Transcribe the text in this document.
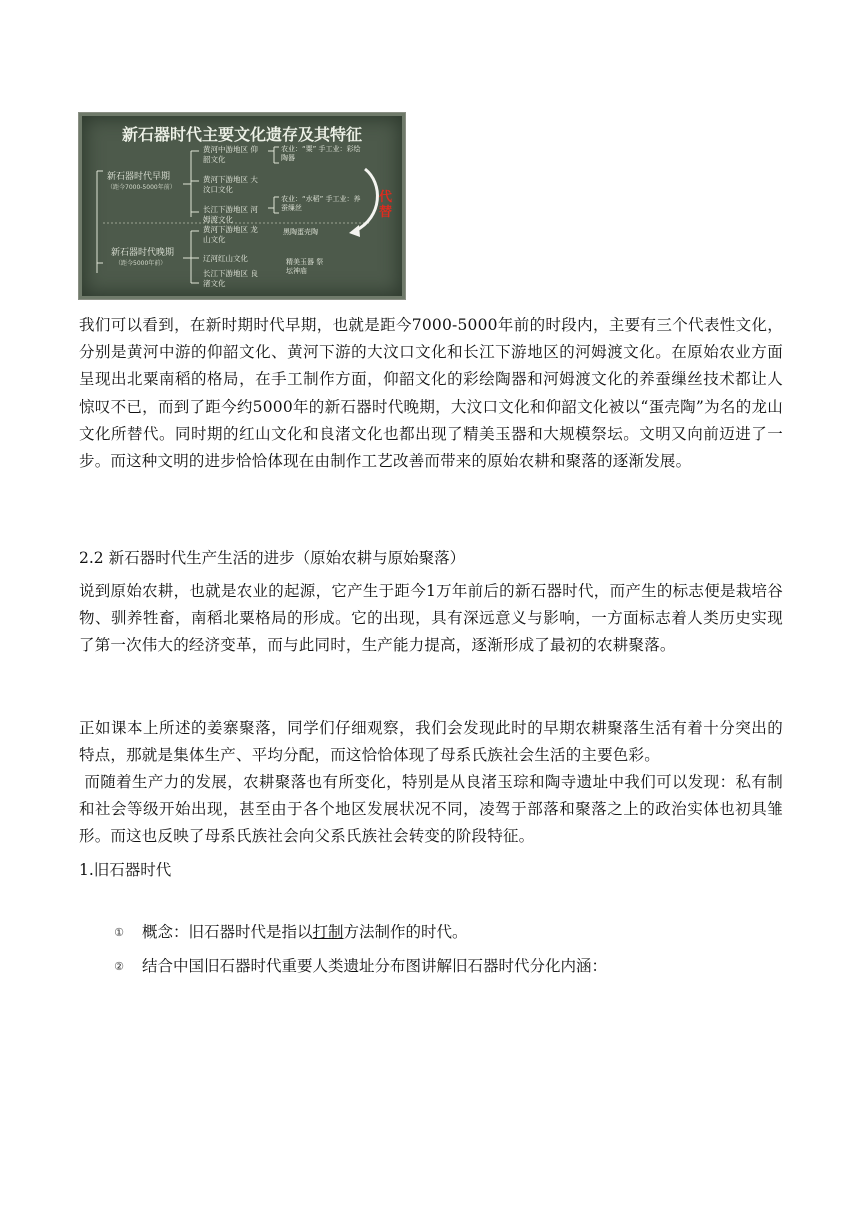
新石器时代主要文化遗存及其特征
新石器时代早期
（距今7000-5000年前）
黄河中游地区 仰韶文化
黄河下游地区 大汶口文化
长江下游地区 河姆渡文化
农业：“粟” 手工业：彩绘陶器
农业：“水稻” 手工业：养蚕缫丝
代替
新石器时代晚期
（距今5000年前）
黄河下游地区 龙山文化
辽河红山文化
长江下游地区 良渚文化
黑陶蛋壳陶
精美玉器 祭坛神庙
我们可以看到，在新时期时代早期，也就是距今7000-5000年前的时段内，主要有三个代表性文化，分别是黄河中游的仰韶文化、黄河下游的大汶口文化和长江下游地区的河姆渡文化。在原始农业方面呈现出北粟南稻的格局，在手工制作方面，仰韶文化的彩绘陶器和河姆渡文化的养蚕缫丝技术都让人惊叹不已，而到了距今约5000年的新石器时代晚期，大汶口文化和仰韶文化被以“蛋壳陶”为名的龙山文化所替代。同时期的红山文化和良渚文化也都出现了精美玉器和大规模祭坛。文明又向前迈进了一步。而这种文明的进步恰恰体现在由制作工艺改善而带来的原始农耕和聚落的逐渐发展。
2.2 新石器时代生产生活的进步（原始农耕与原始聚落）
说到原始农耕，也就是农业的起源，它产生于距今1万年前后的新石器时代，而产生的标志便是栽培谷物、驯养牲畜，南稻北粟格局的形成。它的出现，具有深远意义与影响，一方面标志着人类历史实现了第一次伟大的经济变革，而与此同时，生产能力提高，逐渐形成了最初的农耕聚落。
正如课本上所述的姜寨聚落，同学们仔细观察，我们会发现此时的早期农耕聚落生活有着十分突出的特点，那就是集体生产、平均分配，而这恰恰体现了母系氏族社会生活的主要色彩。
而随着生产力的发展，农耕聚落也有所变化，特别是从良渚玉琮和陶寺遗址中我们可以发现：私有制和社会等级开始出现，甚至由于各个地区发展状况不同，凌驾于部落和聚落之上的政治实体也初具雏形。而这也反映了母系氏族社会向父系氏族社会转变的阶段特征。
1.旧石器时代
① 概念：旧石器时代是指以打制方法制作的时代。
② 结合中国旧石器时代重要人类遗址分布图讲解旧石器时代分化内涵：
